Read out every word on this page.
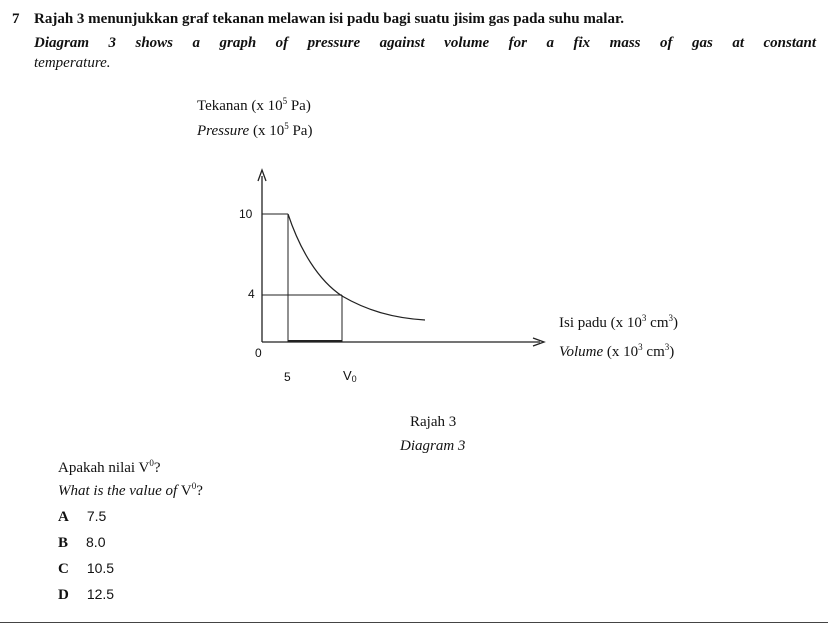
7 Rajah 3 menunjukkan graf tekanan melawan isi padu bagi suatu jisim gas pada suhu malar.
Diagram 3 shows a graph of pressure against volume for a fix mass of gas at constant
temperature.
Tekanan (x $10^5$ Pa)
Pressure (x $10^5$ Pa)
10
4
0
5	V0
Isi padu (x $10^3$ $cm^3$)
Volume (x $10^3$ $cm^3$)
Rajah 3
Diagram 3
Apakah nilai $V^0$?
What is the value of $V^0$?
A 7.5
B 8.0
C 10.5
D 12.5
